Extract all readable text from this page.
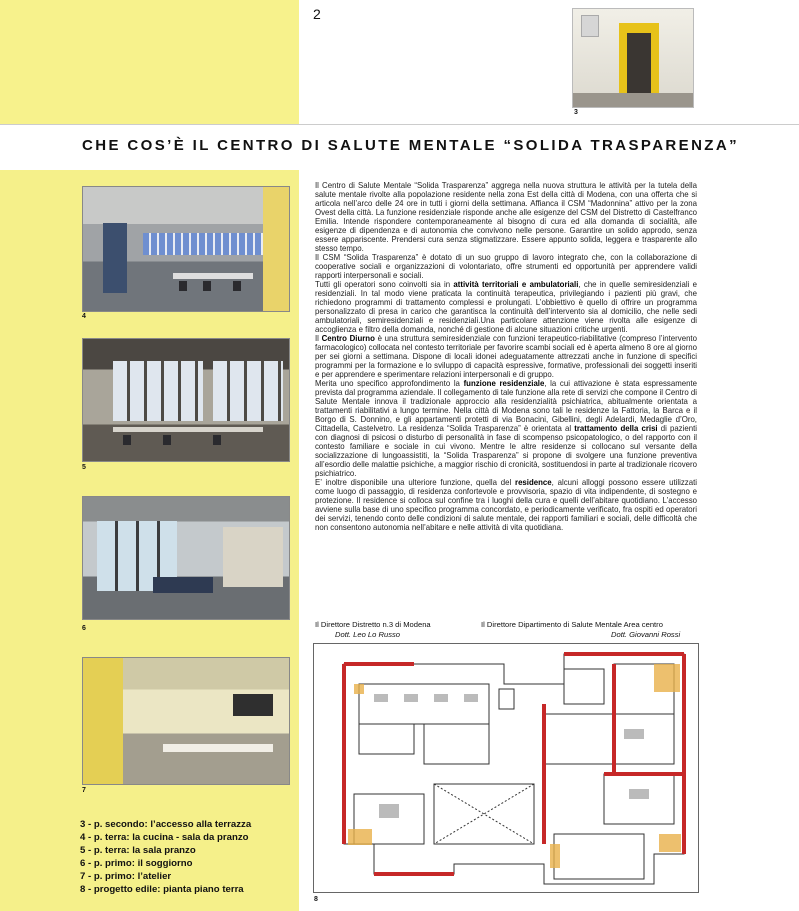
2
3
CHE COS’È IL CENTRO DI SALUTE MENTALE “SOLIDA TRASPARENZA”
4
5
6
7
3 - p. secondo: l’accesso alla terrazza
4 - p. terra: la cucina - sala da pranzo
5 - p. terra: la sala pranzo
6 - p. primo: il soggiorno
7 - p. primo: l’atelier
8 - progetto edile: pianta piano terra

Il Centro di Salute Mentale “Solida Trasparenza” aggrega nella nuova struttura le attività per la tutela della salute mentale rivolte alla popolazione residente nella zona Est della città di Modena, con una offerta che si articola nell’arco delle 24 ore in tutti i giorni della settimana. Affianca il CSM “Madonnina” attivo per la zona Ovest della città. La funzione residenziale risponde anche alle esigenze del CSM del Distretto di Castelfranco Emilia. Intende rispondere contemporaneamente al bisogno di cura ed alla domanda di socialità, alle esigenze di dipendenza e di autonomia che convivono nelle persone. Garantire un solido approdo, senza essere appariscente. Prendersi cura senza stigmatizzare. Essere appunto solida, leggera e trasparente allo stesso tempo.

Il CSM “Solida Trasparenza” è dotato di un suo gruppo di lavoro integrato che, con la collaborazione di cooperative sociali e organizzazioni di volontariato, offre strumenti ed opportunità per apprendere validi rapporti interpersonali e sociali.

Tutti gli operatori sono coinvolti sia in attività territoriali e ambulatoriali, che in quelle semiresidenziali e residenziali. In tal modo viene praticata la continuità terapeutica, privilegiando i pazienti più gravi, che richiedono programmi di trattamento complessi e prolungati. L’obbiettivo è quello di offrire un programma personalizzato di presa in carico che garantisca la continuità dell’intervento sia al domicilio, che nelle sedi ambulatoriali, semiresidenziali e residenziali.Una particolare attenzione viene rivolta alle esigenze di accoglienza e filtro della domanda, nonché di gestione di alcune situazioni critiche urgenti.

Il Centro Diurno è una struttura semiresidenziale con funzioni terapeutico-riabilitative (compreso l’intervento farmacologico) collocata nel contesto territoriale per favorire scambi sociali ed è aperta almeno 8 ore al giorno per sei giorni a settimana. Dispone di locali idonei adeguatamente attrezzati anche in funzione di specifici programmi per la formazione e lo sviluppo di capacità espressive, formative, professionali dei soggetti inseriti e per apprendere e sperimentare relazioni interpersonali e di gruppo.

Merita uno specifico approfondimento la funzione residenziale, la cui attivazione è stata espressamente prevista dal programma aziendale. Il collegamento di tale funzione alla rete di servizi che compone il Centro di Salute Mentale innova il tradizionale approccio alla residenzialità psichiatrica, abitualmente orientata a trattamenti riabilitativi a lungo termine. Nella città di Modena sono tali le residenze la Fattoria, la Barca e il Borgo di S. Donnino, e gli appartamenti protetti di via Bonacini, Gibellini, degli Adelardi, Medaglie d’Oro, Cittadella, Castelvetro. La residenza “Solida Trasparenza” è orientata al trattamento della crisi di pazienti con diagnosi di psicosi o disturbo di personalità in fase di scompenso psicopatologico, o del rapporto con il contesto familiare e sociale in cui vivono. Mentre le altre residenze si collocano sul versante della socializzazione di lungoassistiti, la “Solida Trasparenza” si propone di svolgere una funzione preventiva all’esordio delle malattie psichiche, a maggior rischio di cronicità, sostituendosi in parte al tradizionale ricovero psichiatrico.

E’ inoltre disponibile una ulteriore funzione, quella del residence, alcuni alloggi possono essere utilizzati come luogo di passaggio, di residenza confortevole e provvisoria, spazio di vita indipendente, di sostegno e protezione. Il residence si colloca sul confine tra i luoghi della cura e quelli dell’abitare quotidiano. L’accesso avviene sulla base di uno specifico programma concordato, e periodicamente verificato, fra ospiti ed operatori dei servizi, tenendo conto delle condizioni di salute mentale, dei rapporti familiari e sociali, delle difficoltà che non consentono autonomia nell’abitare e nelle attività di vita quotidiana.

Il Direttore Distretto n.3 di Modena
Dott. Leo Lo Russo
Il Direttore Dipartimento di Salute Mentale Area centro
Dott. Giovanni Rossi
8
